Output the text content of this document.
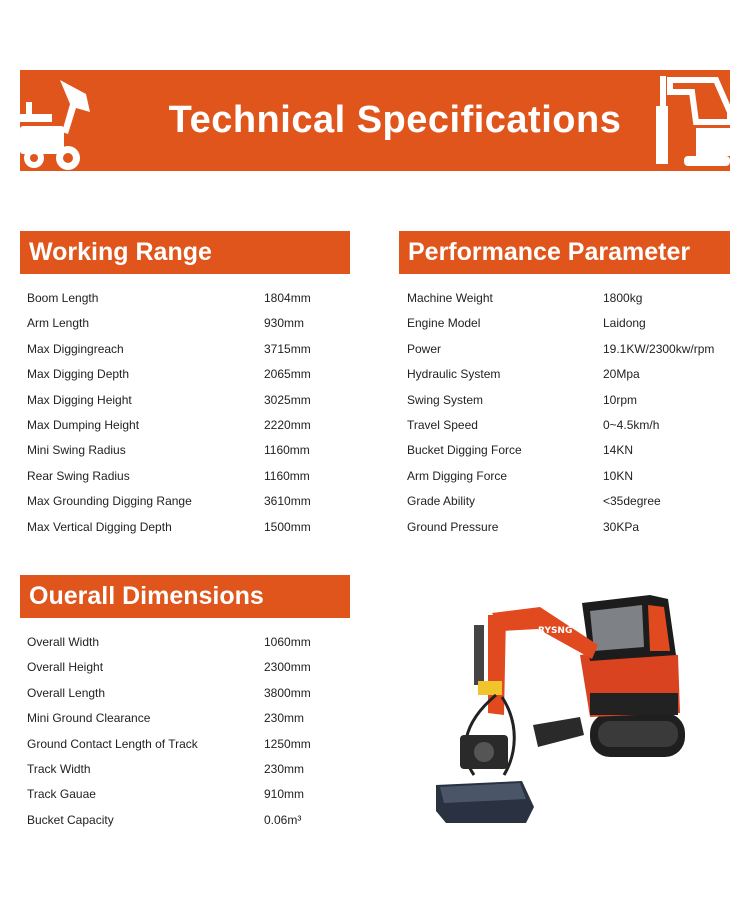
Technical Specifications
Working Range
Boom Length	1804mm
Arm Length	930mm
Max Diggingreach	3715mm
Max Digging Depth	2065mm
Max Digging Height	3025mm
Max Dumping Height	2220mm
Mini Swing Radius	1160mm
Rear Swing Radius	1160mm
Max Grounding Digging Range	3610mm
Max Vertical Digging Depth	1500mm
Performance Parameter
Machine Weight	1800kg
Engine Model	Laidong
Power	19.1KW/2300kw/rpm
Hydraulic System	20Mpa
Swing System	10rpm
Travel Speed	0~4.5km/h
Bucket Digging Force	14KN
Arm Digging Force	10KN
Grade Ability	<35degree
Ground Pressure	30KPa
Ouerall Dimensions
Overall Width	1060mm
Overall Height	2300mm
Overall Length	3800mm
Mini Ground Clearance	230mm
Ground Contact Length of Track	1250mm
Track Width	230mm
Track Gauae	910mm
Bucket Capacity	0.06m³
RYSNG
